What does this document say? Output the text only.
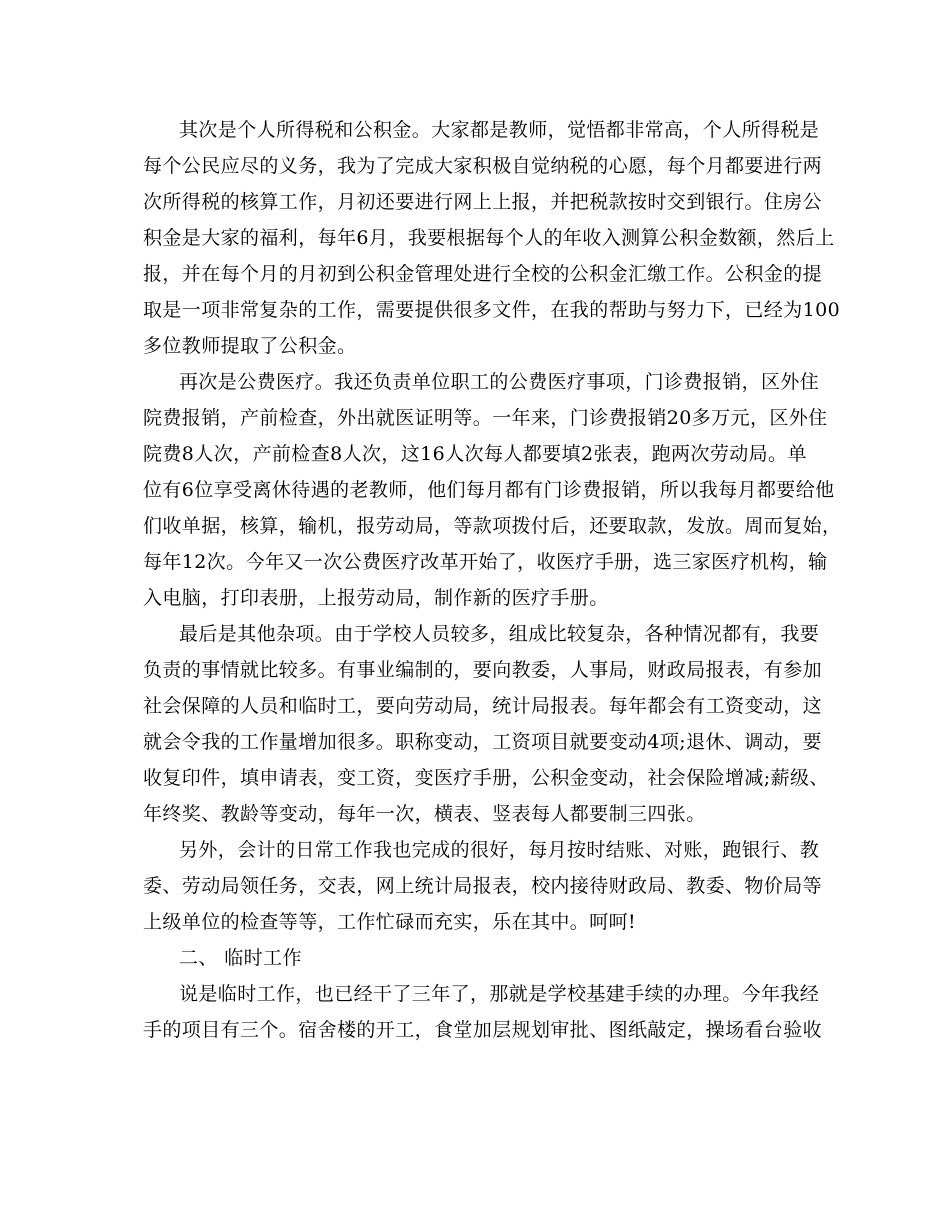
其次是个人所得税和公积金。大家都是教师，觉悟都非常高，个人所得税是
每个公民应尽的义务，我为了完成大家积极自觉纳税的心愿，每个月都要进行两
次所得税的核算工作，月初还要进行网上上报，并把税款按时交到银行。住房公
积金是大家的福利，每年6月，我要根据每个人的年收入测算公积金数额，然后上
报，并在每个月的月初到公积金管理处进行全校的公积金汇缴工作。公积金的提
取是一项非常复杂的工作，需要提供很多文件，在我的帮助与努力下，已经为100
多位教师提取了公积金。
再次是公费医疗。我还负责单位职工的公费医疗事项，门诊费报销，区外住
院费报销，产前检查，外出就医证明等。一年来，门诊费报销20多万元，区外住
院费8人次，产前检查8人次，这16人次每人都要填2张表，跑两次劳动局。单
位有6位享受离休待遇的老教师，他们每月都有门诊费报销，所以我每月都要给他
们收单据，核算，输机，报劳动局，等款项拨付后，还要取款，发放。周而复始，
每年12次。今年又一次公费医疗改革开始了，收医疗手册，选三家医疗机构，输
入电脑，打印表册，上报劳动局，制作新的医疗手册。
最后是其他杂项。由于学校人员较多，组成比较复杂，各种情况都有，我要
负责的事情就比较多。有事业编制的，要向教委，人事局，财政局报表，有参加
社会保障的人员和临时工，要向劳动局，统计局报表。每年都会有工资变动，这
就会令我的工作量增加很多。职称变动，工资项目就要变动4项;退休、调动，要
收复印件，填申请表，变工资，变医疗手册，公积金变动，社会保险增减;薪级、
年终奖、教龄等变动，每年一次，横表、竖表每人都要制三四张。
另外，会计的日常工作我也完成的很好，每月按时结账、对账，跑银行、教
委、劳动局领任务，交表，网上统计局报表，校内接待财政局、教委、物价局等
上级单位的检查等等，工作忙碌而充实，乐在其中。呵呵!
二、 临时工作
说是临时工作，也已经干了三年了，那就是学校基建手续的办理。今年我经
手的项目有三个。宿舍楼的开工，食堂加层规划审批、图纸敲定，操场看台验收
